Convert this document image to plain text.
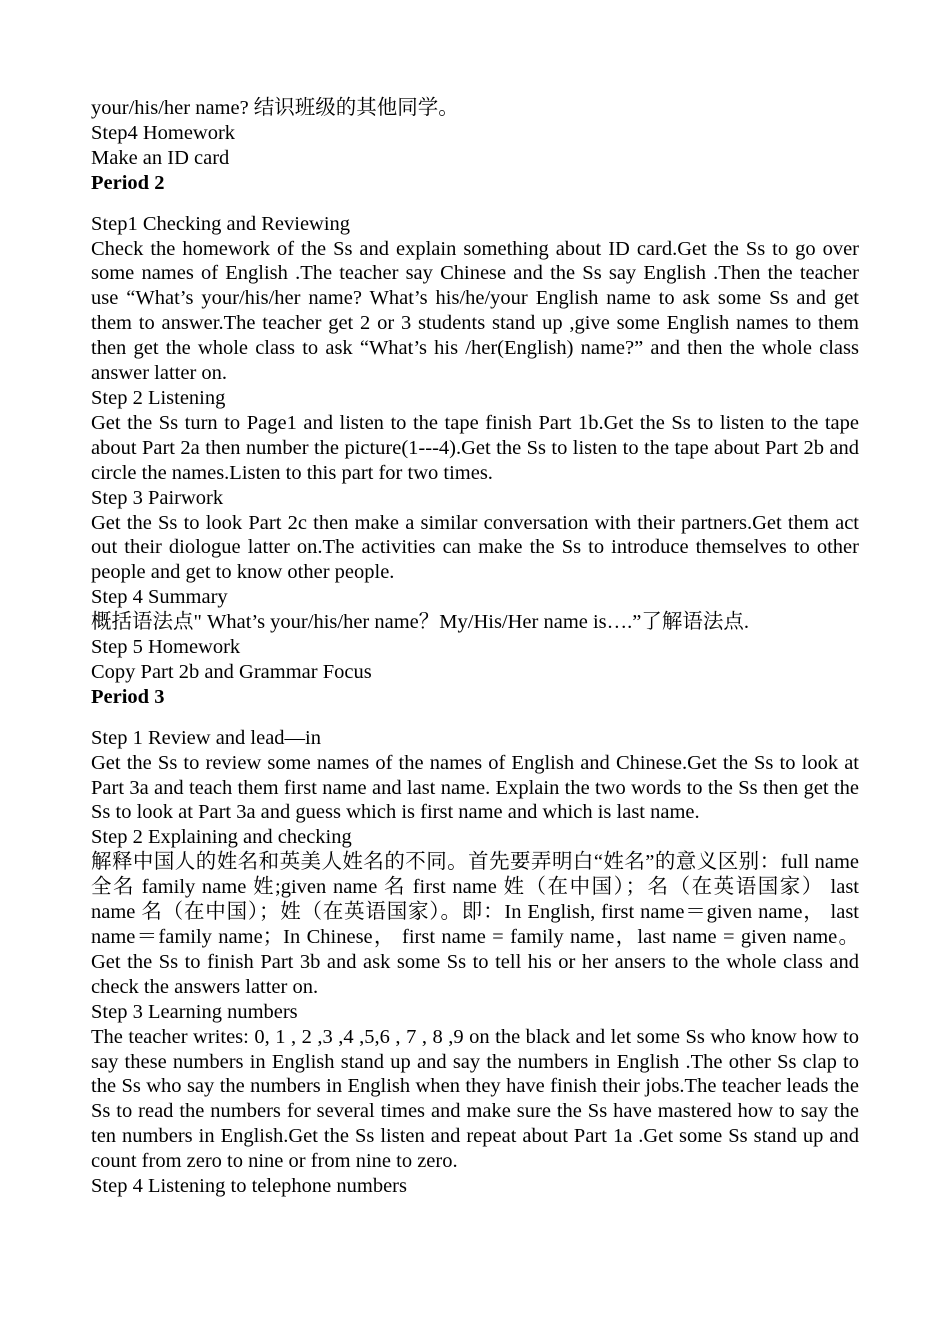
your/his/her name? 结识班级的其他同学。

Step4 Homework

Make an ID card

Period 2

Step1 Checking and Reviewing

Check the homework of the Ss and explain something about ID card.Get the Ss to go over some names of English .The teacher say Chinese and the Ss say English .Then the teacher use “What’s your/his/her name? What’s his/he/your English name to ask some Ss and get them to answer.The teacher get 2 or 3 students stand up ,give some English names to them then get the whole class to ask “What’s his /her(English) name?” and then the whole class answer latter on.

Step 2 Listening

Get the Ss turn to Page1 and listen to the tape finish Part 1b.Get the Ss to listen to the tape about Part 2a then number the picture(1---4).Get the Ss to listen to the tape about Part 2b and circle the names.Listen to this part for two times.

Step 3 Pairwork

Get the Ss to look Part 2c then make a similar conversation with their partners.Get them act out their diologue latter on.The activities can make the Ss to introduce themselves to other people and get to know other people.

Step 4 Summary

概括语法点" What’s your/his/her name？My/His/Her name is….”了解语法点.

Step 5 Homework

Copy Part 2b and Grammar Focus

Period 3

Step 1 Review and lead—in

Get the Ss to review some names of the names of English and Chinese.Get the Ss to look at Part 3a and teach them first name and last name. Explain the two words to the Ss then get the Ss to look at Part 3a and guess which is first name and which is last name.

Step 2 Explaining and checking

解释中国人的姓名和英美人姓名的不同。首先要弄明白“姓名”的意义区别：full name 全名 family name 姓;given name 名 first name 姓（在中国）；名（在英语国家） last name 名（在中国）；姓（在英语国家）。即：In English, first name＝given name， last name＝family name；In Chinese， first name = family name，last name = given name。Get the Ss to finish Part 3b and ask some Ss to tell his or her ansers to the whole class and check the answers latter on.

Step 3 Learning numbers

The teacher writes: 0, 1 , 2 ,3 ,4 ,5,6 , 7 , 8 ,9 on the black and let some Ss who know how to say these numbers in English stand up and say the numbers in English .The other Ss clap to the Ss who say the numbers in English when they have finish their jobs.The teacher leads the Ss to read the numbers for several times and make sure the Ss have mastered how to say the ten numbers in English.Get the Ss listen and repeat about Part 1a .Get some Ss stand up and count from zero to nine or from nine to zero.

Step 4 Listening to telephone numbers
